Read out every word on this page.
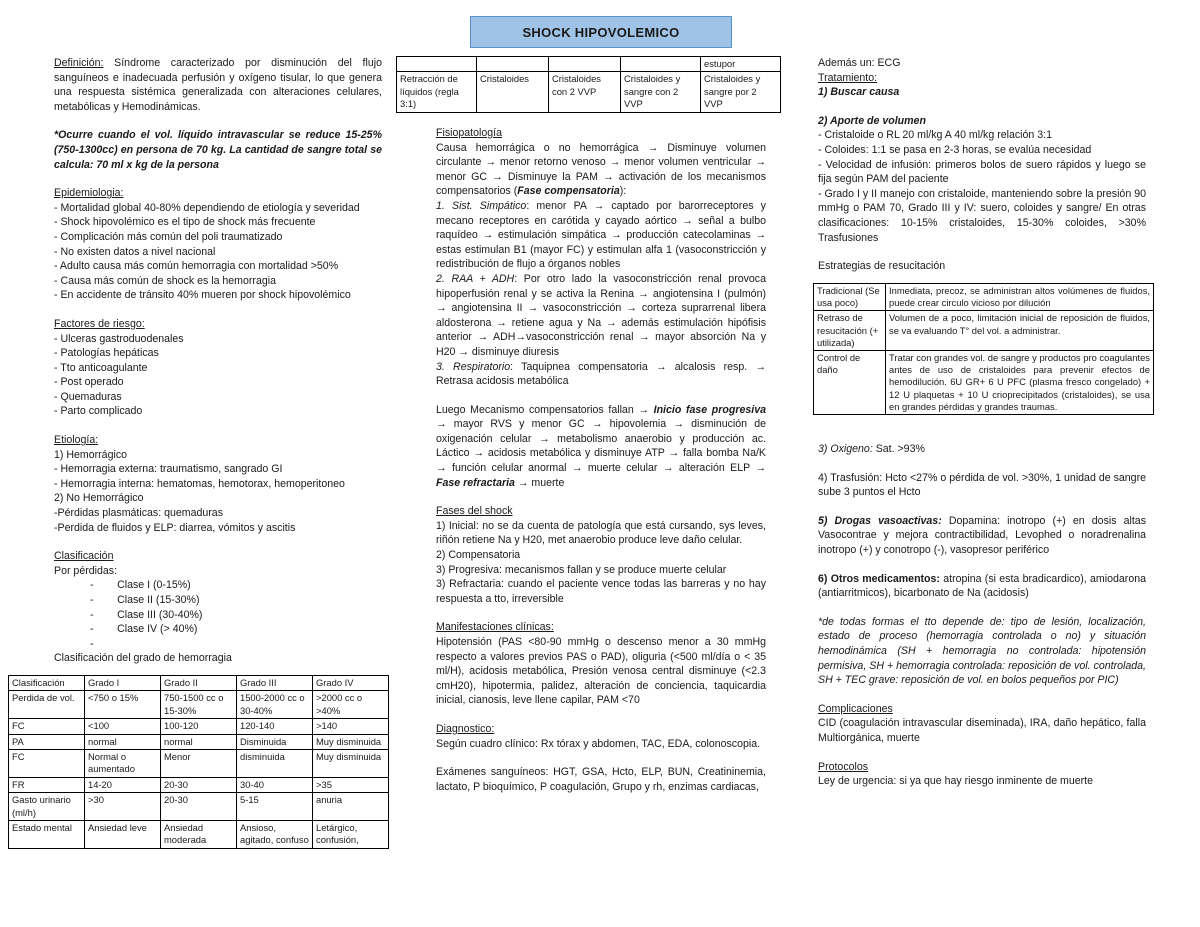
SHOCK HIPOVOLEMICO
				estupor
Retracción de líquidos (regla 3:1)	Cristaloides	Cristaloides con 2 VVP	Cristaloides y sangre con 2 VVP	Cristaloides y sangre por 2 VVP

Definición: Síndrome caracterizado por disminución del flujo sanguíneos e inadecuada perfusión y oxígeno tisular, lo que genera una respuesta sistémica generalizada con alteraciones celulares, metabólicas y Hemodinámicas.

*Ocurre cuando el vol. líquido intravascular se reduce 15-25% (750-1300cc) en persona de 70 kg. La cantidad de sangre total se calcula: 70 ml x kg de la persona

Epidemiologia:

- Mortalidad global 40-80% dependiendo de etiología y severidad

- Shock hipovolémico es el tipo de shock más frecuente

- Complicación más común del poli traumatizado

- No existen datos a nivel nacional

- Adulto causa más común hemorragia con mortalidad >50%

- Causa más común de shock es la hemorragia

- En accidente de tránsito 40% mueren por shock hipovolémico

Factores de riesgo:

- Ulceras gastroduodenales

- Patologías hepáticas

- Tto anticoagulante

- Post operado

- Quemaduras

- Parto complicado

Etiología:

1) Hemorrágico

- Hemorragia externa: traumatismo, sangrado GI

- Hemorragia interna: hematomas, hemotorax, hemoperitoneo

2) No Hemorrágico

-Pérdidas plasmáticas: quemaduras

-Perdida de fluidos y ELP: diarrea, vómitos y ascitis

Clasificación

Por pérdidas:

-        Clase I (0-15%)

-        Clase II (15-30%)

-        Clase III (30-40%)

-        Clase IV (> 40%)

-

Clasificación del grado de hemorragia

Clasificación	Grado I	Grado II	Grado III	Grado IV
Perdida de vol.	<750 o 15%	750-1500 cc o 15-30%	1500-2000 cc o 30-40%	>2000 cc o >40%
FC	<100	100-120	120-140	>140
PA	normal	normal	Disminuida	Muy disminuida
FC	Normal o aumentado	Menor	disminuida	Muy disminuida
FR	14-20	20-30	30-40	>35
Gasto urinario (ml/h)	>30	20-30	5-15	anuria
Estado mental	Ansiedad leve	Ansiedad moderada	Ansioso, agitado, confuso	Letárgico, confusión,

Fisiopatología

Causa hemorrágica o no hemorrágica → Disminuye volumen circulante → menor retorno venoso → menor volumen ventricular → menor GC → Disminuye la PAM → activación de los mecanismos compensatorios (Fase compensatoria):

1. Sist. Simpático: menor PA → captado por barorreceptores y mecano receptores en carótida y cayado aórtico → señal a bulbo raquídeo → estimulación simpática → producción catecolaminas → estas estimulan B1 (mayor FC) y estimulan alfa 1 (vasoconstricción y redistribución de flujo a órganos nobles

2. RAA + ADH: Por otro lado la vasoconstricción renal provoca hipoperfusión renal y se activa la Renina → angiotensina I (pulmón) → angiotensina II → vasoconstricción → corteza suprarrenal libera aldosterona → retiene agua y Na → además estimulación hipófisis anterior → ADH→vasoconstricción renal → mayor absorción Na y H20 → disminuye diuresis

3. Respiratorio: Taquipnea compensatoria → alcalosis resp. → Retrasa acidosis metabólica

Luego Mecanismo compensatorios fallan → Inicio fase progresiva → mayor RVS y menor GC → hipovolemia → disminución de oxigenación celular → metabolismo anaerobio y producción ac. Láctico → acidosis metabólica y disminuye ATP → falla bomba Na/K → función celular anormal → muerte celular → alteración ELP → Fase refractaria → muerte

Fases del shock

1) Inicial: no se da cuenta de patología que está cursando, sys leves, riñón retiene Na y H20, met anaerobio produce leve daño celular.

2) Compensatoria

3) Progresiva: mecanismos fallan y se produce muerte celular

3) Refractaria: cuando el paciente vence todas las barreras y no hay respuesta a tto, irreversible

Manifestaciones clínicas:

Hipotensión (PAS <80-90 mmHg o descenso menor a 30 mmHg respecto a valores previos PAS o PAD), oliguria (<500 ml/día o < 35 ml/H), acidosis metabólica, Presión venosa central disminuye (<2.3 cmH20), hipotermia, palidez, alteración de conciencia, taquicardia inicial, cianosis, leve llene capilar, PAM <70

Diagnostico:

Según cuadro clínico: Rx tórax y abdomen, TAC, EDA, colonoscopia.

Exámenes sanguíneos: HGT, GSA, Hcto, ELP, BUN, Creatininemia, lactato, P bioquímico, P coagulación, Grupo y rh, enzimas cardiacas,

Además un: ECG

Tratamiento:

1) Buscar causa

2) Aporte de volumen

- Cristaloide o RL 20 ml/kg A 40 ml/kg relación 3:1

- Coloides: 1:1 se pasa en 2-3 horas, se evalúa necesidad

- Velocidad de infusión: primeros bolos de suero rápidos y luego se fija según PAM del paciente

- Grado I y II manejo con cristaloide, manteniendo sobre la presión 90 mmHg o PAM 70, Grado III y IV: suero, coloides y sangre/ En otras clasificaciones: 10-15% cristaloides, 15-30% coloides, >30% Trasfusiones

Estrategias de resucitación

Tradicional (Se usa poco)	Inmediata, precoz, se administran altos volúmenes de fluidos, puede crear circulo vicioso por dilución
Retraso de resucitación (+ utilizada)	Volumen de a poco, limitación inicial de reposición de fluidos, se va evaluando T° del vol. a administrar.
Control de daño	Tratar con grandes vol. de sangre y productos pro coagulantes antes de uso de cristaloides para prevenir efectos de hemodilución. 6U GR+ 6 U PFC (plasma fresco congelado) + 12 U plaquetas + 10 U crioprecipitados (cristaloides), se usa en grandes pérdidas y grandes traumas.

3) Oxigeno: Sat. >93%

4) Trasfusión: Hcto <27% o pérdida de vol. >30%, 1 unidad de sangre sube 3 puntos el Hcto

5) Drogas vasoactivas: Dopamina: inotropo (+) en dosis altas Vasocontrae y mejora contractibilidad, Levophed o noradrenalina inotropo (+) y conotropo (-), vasopresor periférico

6) Otros medicamentos: atropina (si esta bradicardico), amiodarona (antiarritmicos), bicarbonato de Na (acidosis)

*de todas formas el tto depende de: tipo de lesión, localización, estado de proceso (hemorragia controlada o no) y situación hemodinámica (SH + hemorragia no controlada: hipotensión permisiva, SH + hemorragia controlada: reposición de vol. controlada, SH + TEC grave: reposición de vol. en bolos pequeños por PIC)

Complicaciones

CID (coagulación intravascular diseminada), IRA, daño hepático, falla Multiorgánica, muerte

Protocolos

Ley de urgencia: si ya que hay riesgo inminente de muerte
